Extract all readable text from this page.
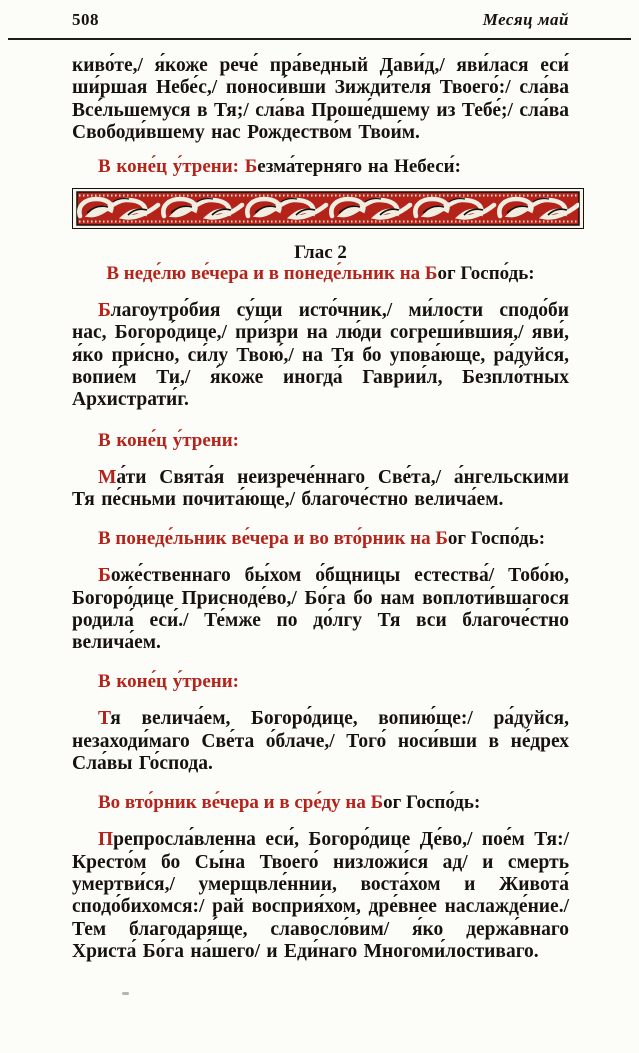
508	Месяц май

киво́те,/ я́коже рече́ пра́ведный Дави́д,/ яви́лася еси́ ши́ршая Небе́с,/ поноси́вши Зижди́теля Твоего́:/ сла́ва Все́льшемуся в Тя;/ сла́ва Проше́дшему из Тебе́;/ сла́ва Свободи́вшему нас Рождество́м Твои́м.

В коне́ц у́трени: Безма́терняго на Небеси́:

Глас 2

В неде́лю ве́чера и в понеде́льник на Бог Госпо́дь:

Благоутро́бия су́щи исто́чник,/ ми́лости сподо́би нас, Богоро́дице,/ при́зри на лю́ди согреши́вшия,/ яви́, я́ко при́сно, си́лу Твою́,/ на Тя бо упова́юще, ра́дуйся, вопие́м Ти,/ я́коже иногда́ Гаврии́л, Безпло́тных Архистрати́г.

В коне́ц у́трени:

Ма́ти Свята́я неизрече́ннаго Све́та,/ а́нгельскими Тя пе́сньми почита́юще,/ благоче́стно велича́ем.

В понеде́льник ве́чера и во вто́рник на Бог Госпо́дь:

Боже́ственнаго бы́хом о́бщницы естества́/ Тобо́ю, Богоро́дице Присноде́во,/ Бо́га бо нам воплоти́вшагося родила́ еси́./ Те́мже по до́лгу Тя вси благоче́стно велича́ем.

В коне́ц у́трени:

Тя велича́ем, Богоро́дице, вопию́ще:/ ра́дуйся, незаходи́маго Све́та о́блаче,/ Того́ носи́вши в не́дрех Сла́вы Го́спода.

Во вто́рник ве́чера и в сре́ду на Бог Госпо́дь:

Препросла́вленна еси́, Богоро́дице Де́во,/ пое́м Тя:/ Кресто́м бо Сы́на Твоего́ низложи́ся ад/ и смерть умертви́ся,/ умерщвле́ннии, воста́хом и Живота́ сподо́бихомся:/ рай восприя́хом, дре́внее наслажде́ние./ Тем благодаря́ще, славосло́вим/ я́ко держа́внаго Христа́ Бо́га на́шего/ и Еди́наго Многоми́лостиваго.
